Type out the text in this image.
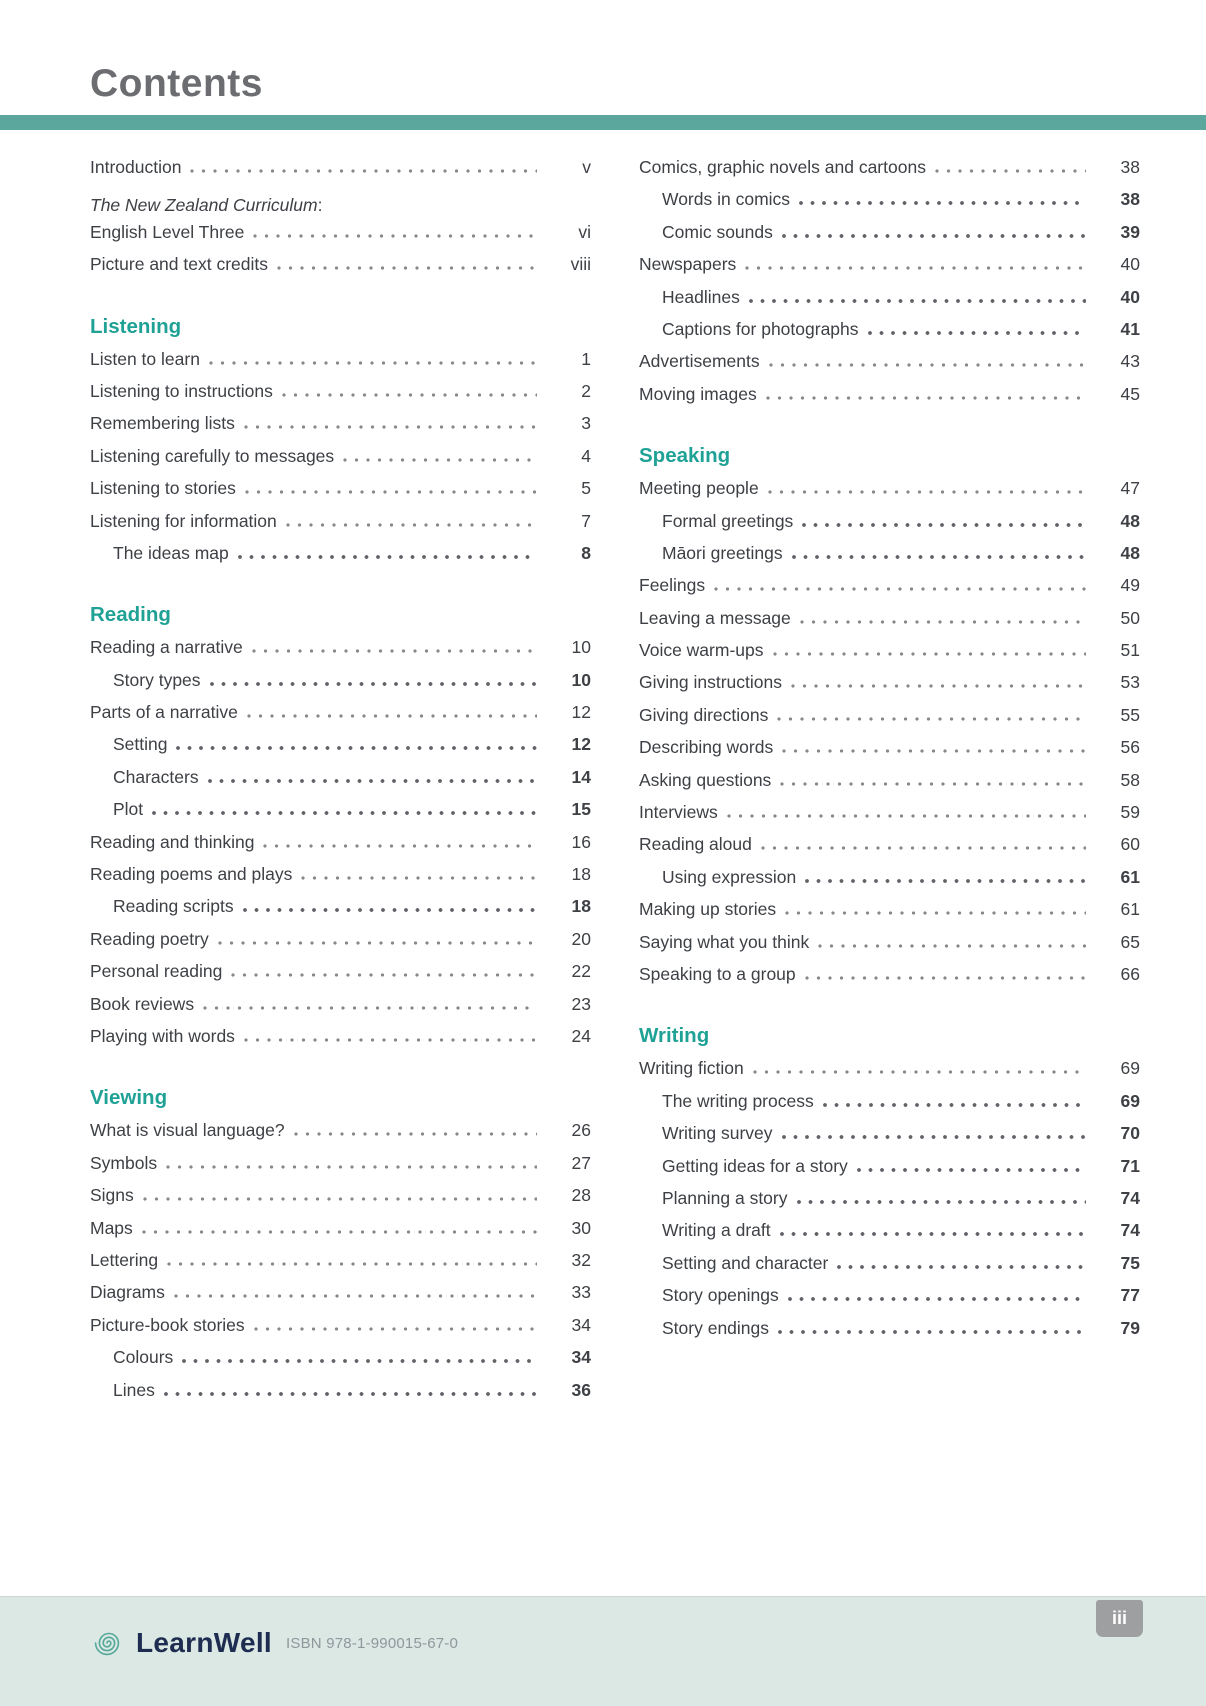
Contents
Introduction	v
The New Zealand Curriculum :
English Level Three	vi
Picture and text credits	viii
Listening
Listen to learn	1
Listening to instructions	2
Remembering lists	3
Listening carefully to messages	4
Listening to stories	5
Listening for information	7
The ideas map	8
Reading
Reading a narrative	10
Story types	10
Parts of a narrative	12
Setting	12
Characters	14
Plot	15
Reading and thinking	16
Reading poems and plays	18
Reading scripts	18
Reading poetry	20
Personal reading	22
Book reviews	23
Playing with words	24
Viewing
What is visual language?	26
Symbols	27
Signs	28
Maps	30
Lettering	32
Diagrams	33
Picture-book stories	34
Colours	34
Lines	36
Comics, graphic novels and cartoons	38
Words in comics	38
Comic sounds	39
Newspapers	40
Headlines	40
Captions for photographs	41
Advertisements	43
Moving images	45
Speaking
Meeting people	47
Formal greetings	48
Māori greetings	48
Feelings	49
Leaving a message	50
Voice warm-ups	51
Giving instructions	53
Giving directions	55
Describing words	56
Asking questions	58
Interviews	59
Reading aloud	60
Using expression	61
Making up stories	61
Saying what you think	65
Speaking to a group	66
Writing
Writing fiction	69
The writing process	69
Writing survey	70
Getting ideas for a story	71
Planning a story	74
Writing a draft	74
Setting and character	75
Story openings	77
Story endings	79
iii
LearnWell ISBN 978-1-990015-67-0
